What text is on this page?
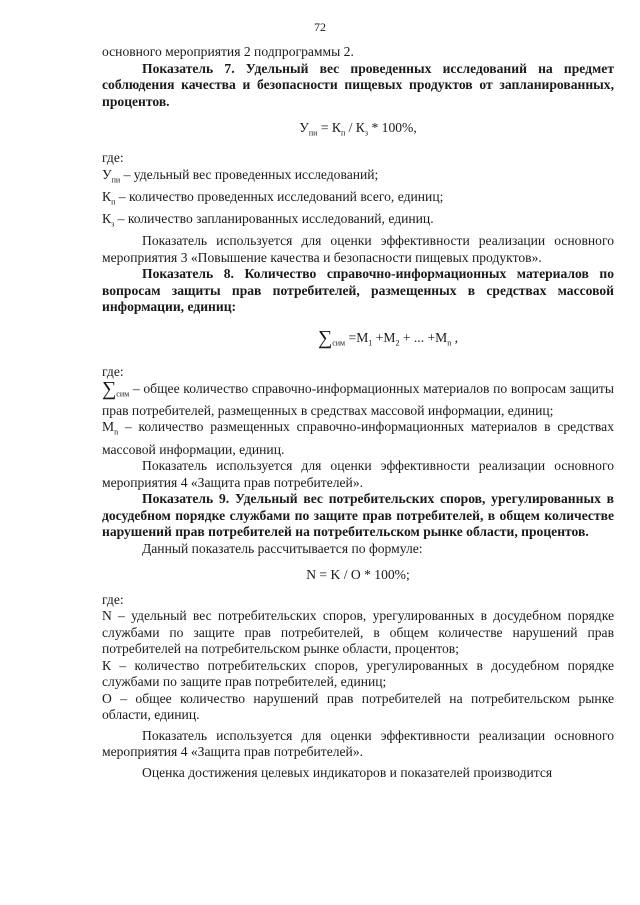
72

основного мероприятия 2 подпрограммы 2.

Показатель 7. Удельный вес проведенных исследований на предмет соблюдения качества и безопасности пищевых продуктов от запланированных, процентов.

$У_{пи} = К_п / К_з * 100\%$,

где:

$У_{пи}$ – удельный вес проведенных исследований;

$К_п$ – количество проведенных исследований всего, единиц;

$К_з$ – количество запланированных исследований, единиц.

Показатель используется для оценки эффективности реализации основного мероприятия 3 «Повышение качества и безопасности пищевых продуктов».

Показатель 8. Количество справочно-информационных материалов по вопросам защиты прав потребителей, размещенных в средствах массовой информации, единиц:

$\sum_{сим} =М_1 +М_2$ + ... $+М_n$ ,

где:

$\sum_{сим}$ – общее количество справочно-информационных материалов по вопросам защиты прав потребителей, размещенных в средствах массовой информации, единиц;

$М_n$ – количество размещенных справочно-информационных материалов в средствах массовой информации, единиц.

Показатель используется для оценки эффективности реализации основного мероприятия 4 «Защита прав потребителей».

Показатель 9. Удельный вес потребительских споров, урегулированных в досудебном порядке службами по защите прав потребителей, в общем количестве нарушений прав потребителей на потребительском рынке области, процентов.

Данный показатель рассчитывается по формуле:

N = K / O * 100%;

где:

N – удельный вес потребительских споров, урегулированных в досудебном порядке службами по защите прав потребителей, в общем количестве нарушений прав потребителей на потребительском рынке области, процентов;

К – количество потребительских споров, урегулированных в досудебном порядке службами по защите прав потребителей, единиц;

О – общее количество нарушений прав потребителей на потребительском рынке области, единиц.

Показатель используется для оценки эффективности реализации основного мероприятия 4 «Защита прав потребителей».

Оценка достижения целевых индикаторов и показателей производится
